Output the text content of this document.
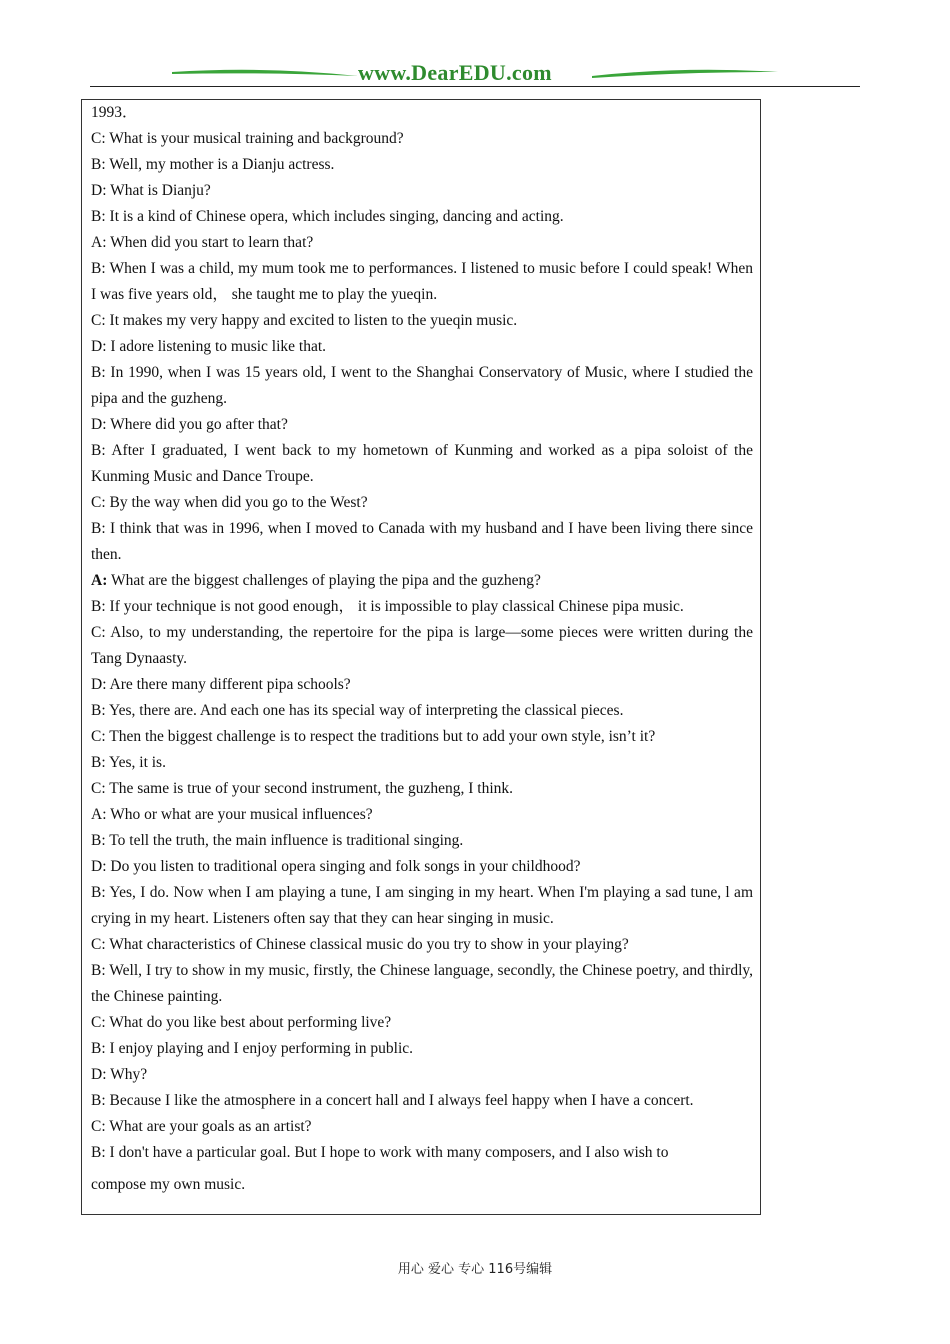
www.DearEDU.com
1993．
C: What is your musical training and background?
B: Well, my mother is a Dianju actress.
D: What is Dianju?
B: It is a kind of Chinese opera, which includes singing, dancing and acting.
A: When did you start to learn that?
B: When I was a child, my mum took me to performances. I listened to music before I could speak! When I was five years old， she taught me to play the yueqin.
C: It makes my very happy and excited to listen to the yueqin music.
D: I adore listening to music like that.
B: In 1990, when I was 15 years old, I went to the Shanghai Conservatory of Music, where I studied the pipa and the guzheng.
D: Where did you go after that?
B: After I graduated, I went back to my hometown of Kunming and worked as a pipa soloist of the Kunming Music and Dance Troupe.
C: By the way when did you go to the West?
B: I think that was in 1996, when I moved to Canada with my husband and I have been living there since then.
A: What are the biggest challenges of playing the pipa and the guzheng?
B: If your technique is not good enough， it is impossible to play classical Chinese pipa music.
C: Also, to my understanding, the repertoire for the pipa is large—some pieces were written during the Tang Dynaasty.
D: Are there many different pipa schools?
B: Yes, there are. And each one has its special way of interpreting the classical pieces.
C: Then the biggest challenge is to respect the traditions but to add your own style, isn’t it?
B: Yes, it is.
C: The same is true of your second instrument, the guzheng, I think.
A: Who or what are your musical influences?
B: To tell the truth, the main influence is traditional singing.
D: Do you listen to traditional opera singing and folk songs in your childhood?
B: Yes, I do. Now when I am playing a tune, I am singing in my heart. When I'm playing a sad tune, l am crying in my heart. Listeners often say that they can hear singing in music.
C: What characteristics of Chinese classical music do you try to show in your playing?
B: Well, I try to show in my music, firstly, the Chinese language, secondly, the Chinese poetry, and thirdly, the Chinese painting.
C: What do you like best about performing live?
B: I enjoy playing and I enjoy performing in public.
D: Why?
B: Because I like the atmosphere in a concert hall and I always feel happy when I have a concert.
C: What are your goals as an artist?
B: I don't have a particular goal. But I hope to work with many composers, and I also wish to
compose my own music.
用心 爱心 专心 116号编辑
